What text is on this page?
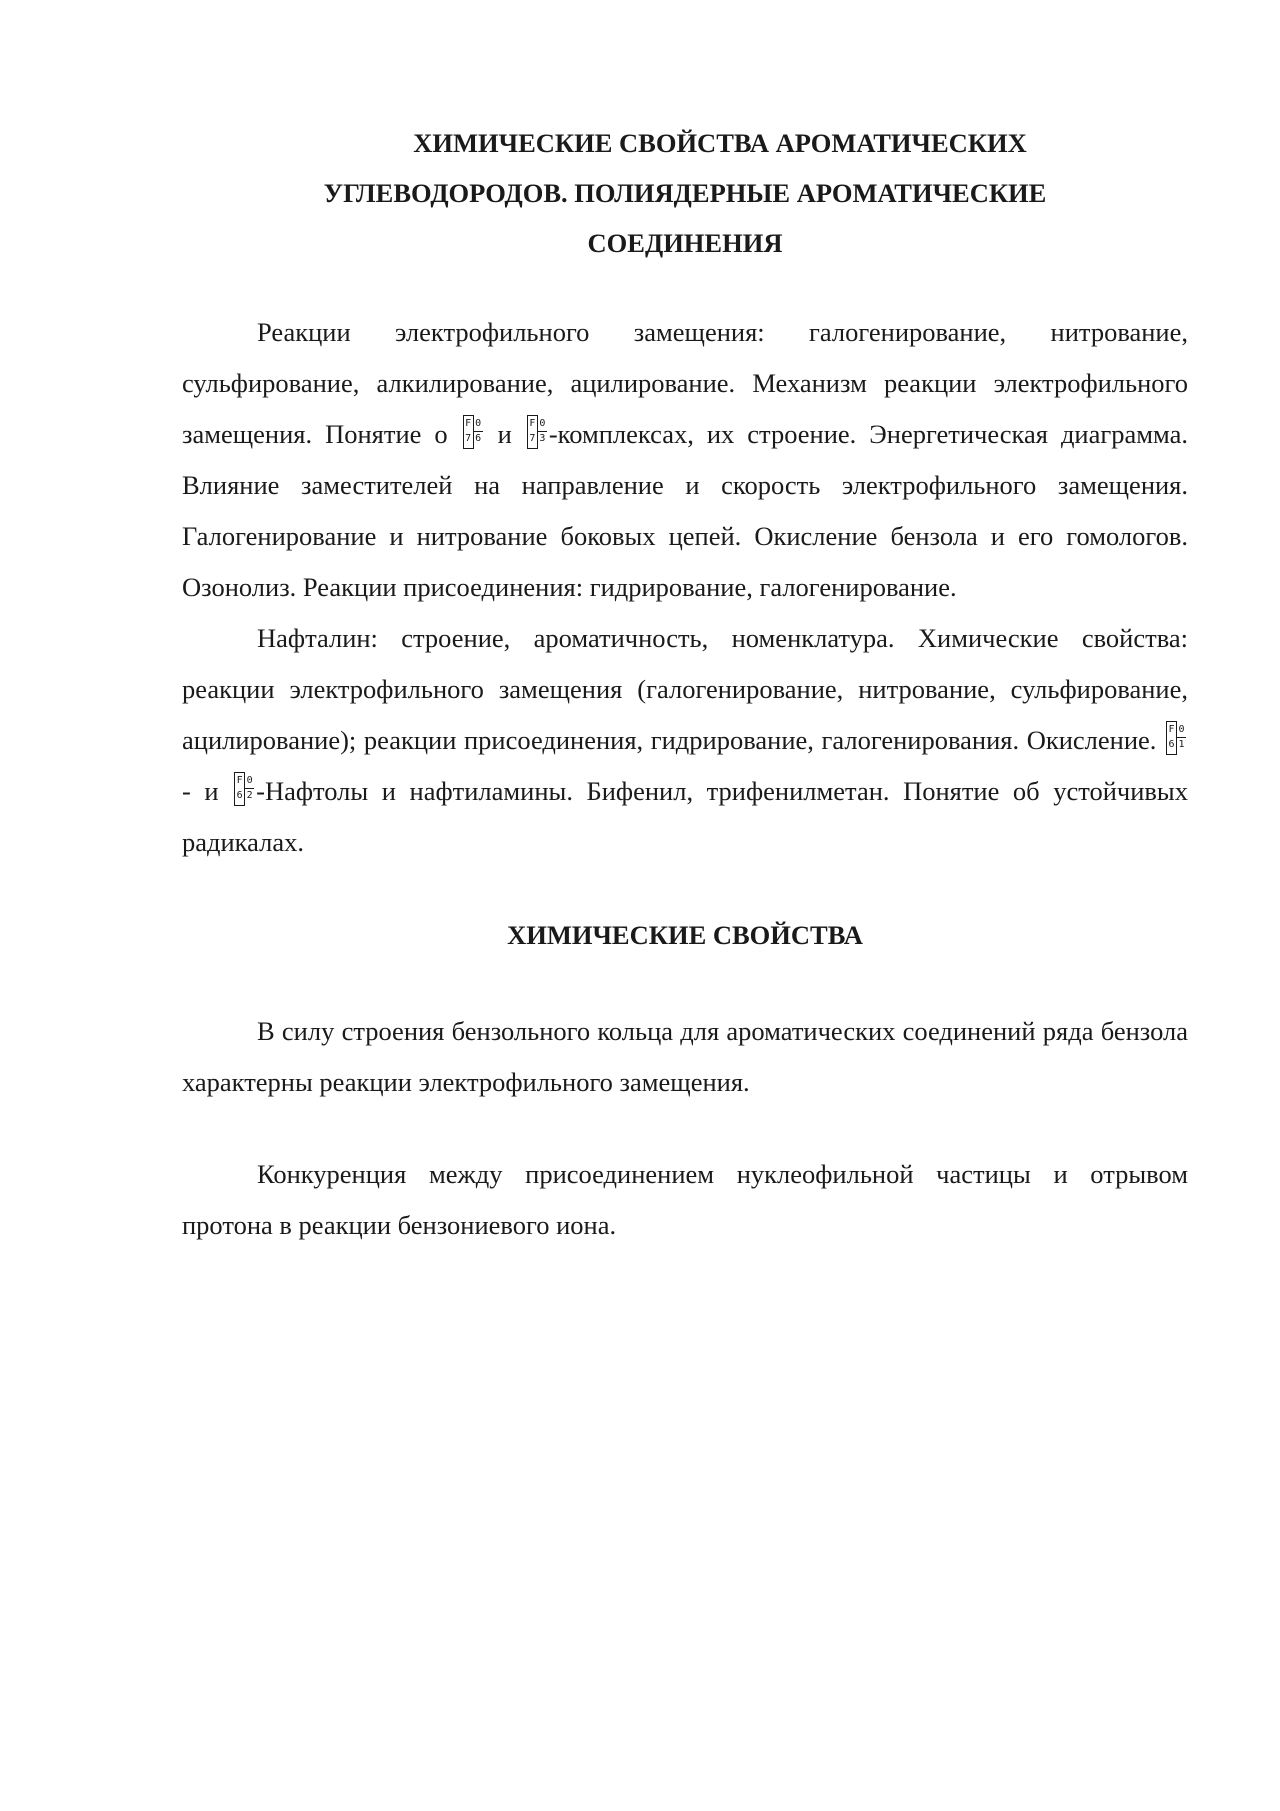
ХИМИЧЕСКИЕ СВОЙСТВА АРОМАТИЧЕСКИХ
УГЛЕВОДОРОДОВ. ПОЛИЯДЕРНЫЕ АРОМАТИЧЕСКИЕ
СОЕДИНЕНИЯ

Реакции электрофильного замещения: галогенирование, нитрование, сульфирование, алкилирование, ацилирование. Механизм реакции электрофильного замещения. Понятие о F
7
0
6 и F
7
0
3 -комплексах, их строение. Энергетическая диаграмма. Влияние заместителей на направление и скорость электрофильного замещения. Галогенирование и нитрование боковых цепей. Окисление бензола и его гомологов. Озонолиз. Реакции присоединения: гидрирование, галогенирование.

Нафталин: строение, ароматичность, номенклатура. Химические свойства: реакции электрофильного замещения (галогенирование, нитрование, сульфирование, ацилирование); реакции присоединения, гидрирование, галогенирования. Окисление. F
6
0
1
- и F
6
0
2 -Нафтолы и нафтиламины. Бифенил, трифенилметан. Понятие об устойчивых радикалах.

ХИМИЧЕСКИЕ СВОЙСТВА

В силу строения бензольного кольца для ароматических соединений ряда бензола характерны реакции электрофильного замещения.

Конкуренция между присоединением нуклеофильной частицы и отрывом протона в реакции бензониевого иона.
